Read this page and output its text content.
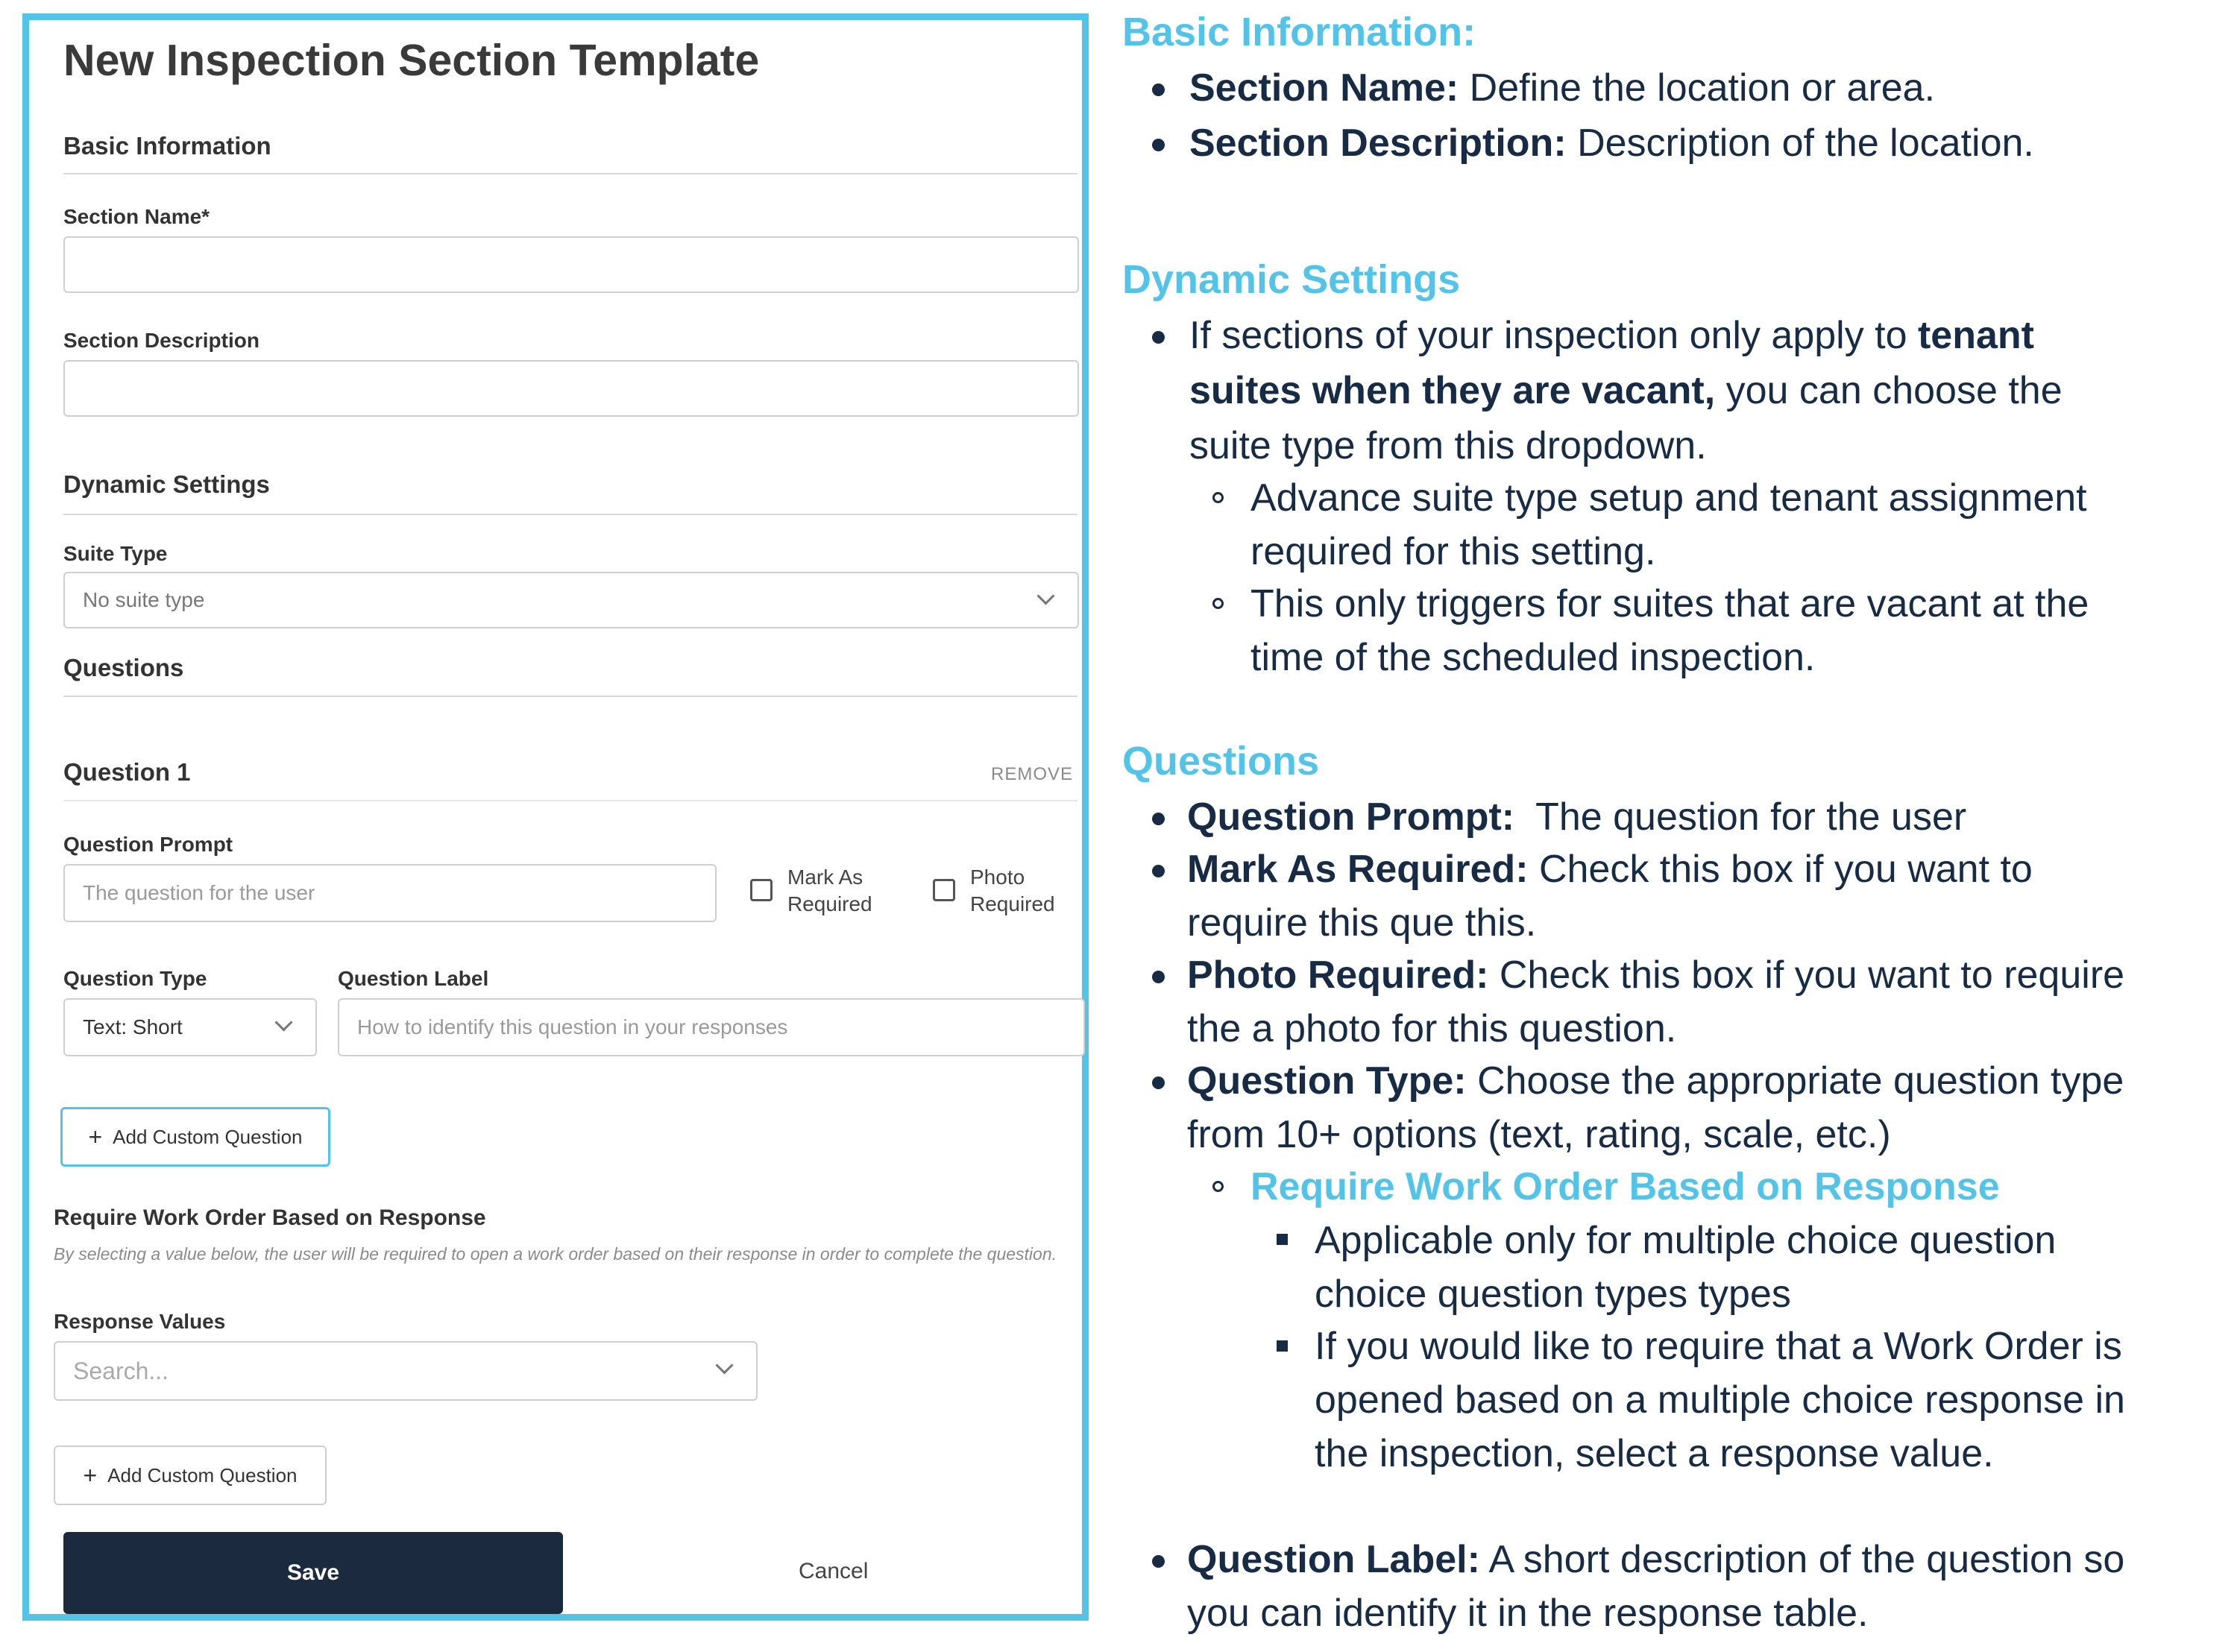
New Inspection Section Template
Basic Information
Section Name*
Section Description
Dynamic Settings
Suite Type
No suite type
Questions
Question 1	REMOVE
Question Prompt
The question for the user
Mark As
Required
Photo
Required
Question Type
Text: Short
Question Label
How to identify this question in your responses
+ Add Custom Question
Require Work Order Based on Response
By selecting a value below, the user will be required to open a work order based on their response in order to complete the question.
Response Values
Search...
+ Add Custom Question
Save	Cancel
Basic Information:
Section Name: Define the location or area.
Section Description: Description of the location.
Dynamic Settings
If sections of your inspection only apply to tenant
suites when they are vacant, you can choose the
suite type from this dropdown.
Advance suite type setup and tenant assignment
required for this setting.
This only triggers for suites that are vacant at the
time of the scheduled inspection.
Questions
Question Prompt:  The question for the user
Mark As Required: Check this box if you want to
require this que this.
Photo Required: Check this box if you want to require
the a photo for this question.
Question Type: Choose the appropriate question type
from 10+ options (text, rating, scale, etc.)
Require Work Order Based on Response
Applicable only for multiple choice question
choice question types types
If you would like to require that a Work Order is
opened based on a multiple choice response in
the inspection, select a response value.
Question Label: A short description of the question so
you can identify it in the response table.
